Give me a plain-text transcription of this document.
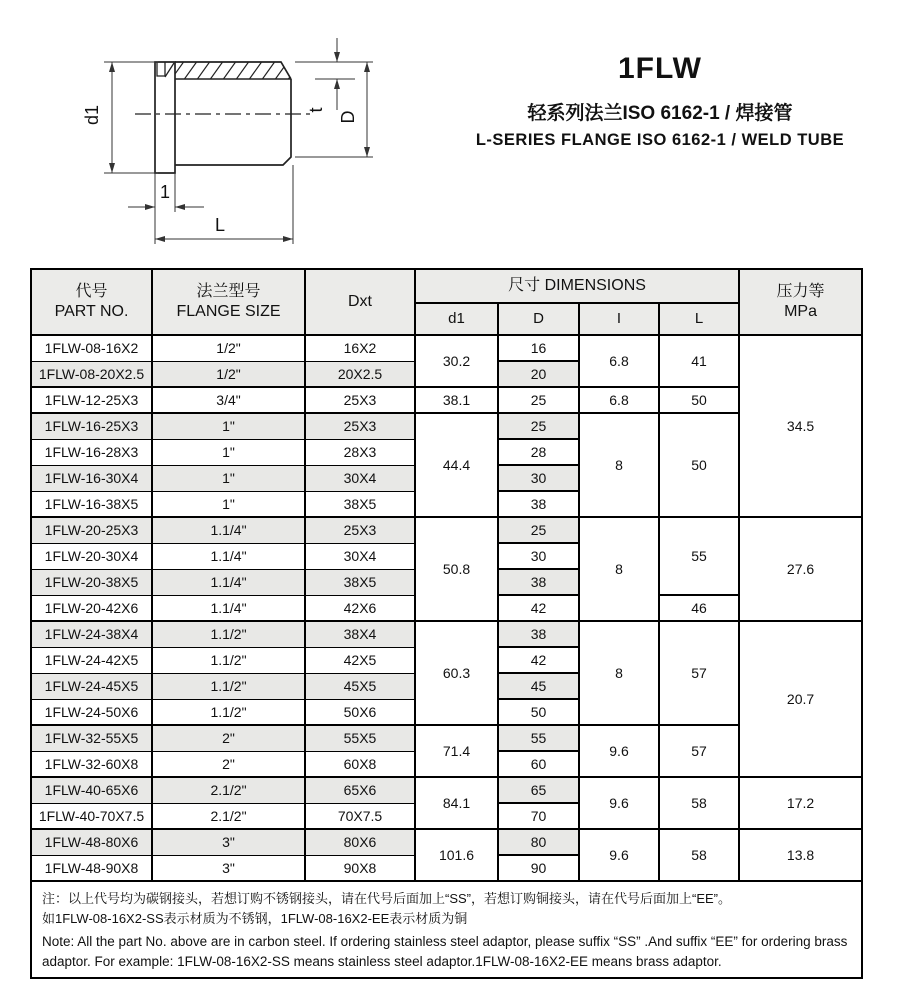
d1	t
D
1
L
1FLW
轻系列法兰ISO 6162-1 / 焊接管
L-SERIES FLANGE ISO 6162-1 / WELD TUBE
代号
PART NO.

法兰型号
FLANGE SIZE
	Dxt	尺寸 DIMENSIONS	压力等
MPa

			d1	D	I	L	
1FLW-08-16X2	1/2"	16X2	30.2	16	6.8	41	34.5
1FLW-08-20X2.5	1/2"	20X2.5		20			
1FLW-12-25X3	3/4"	25X3	38.1	25	6.8	50	
1FLW-16-25X3	1"	25X3	44.4	25	8	50	
1FLW-16-28X3	1"	28X3		28			
1FLW-16-30X4	1"	30X4		30			
1FLW-16-38X5	1"	38X5		38			
1FLW-20-25X3	1.1/4"	25X3	50.8	25	8	55	27.6
1FLW-20-30X4	1.1/4"	30X4		30			
1FLW-20-38X5	1.1/4"	38X5		38			
1FLW-20-42X6	1.1/4"	42X6		42		46	
1FLW-24-38X4	1.1/2"	38X4	60.3	38	8	57	20.7
1FLW-24-42X5	1.1/2"	42X5		42			
1FLW-24-45X5	1.1/2"	45X5		45			
1FLW-24-50X6	1.1/2"	50X6		50			
1FLW-32-55X5	2"	55X5	71.4	55	9.6	57	
1FLW-32-60X8	2"	60X8		60			
1FLW-40-65X6	2.1/2"	65X6	84.1	65	9.6	58	17.2
1FLW-40-70X7.5	2.1/2"	70X7.5		70			
1FLW-48-80X6	3"	80X6	101.6	80	9.6	58	13.8
1FLW-48-90X8	3"	90X8		90			

注：以上代号均为碳钢接头，若想订购不锈钢接头，请在代号后面加上“SS”，若想订购铜接头，请在代号后面加上“EE”。
如1FLW-08-16X2-SS表示材质为不锈钢，1FLW-08-16X2-EE表示材质为铜
Note: All the part No. above are in carbon steel. If ordering stainless steel adaptor, please suffix “SS” .And suffix “EE” for ordering brass adaptor. For example: 1FLW-08-16X2-SS means stainless steel adaptor.1FLW-08-16X2-EE means brass adaptor.							
